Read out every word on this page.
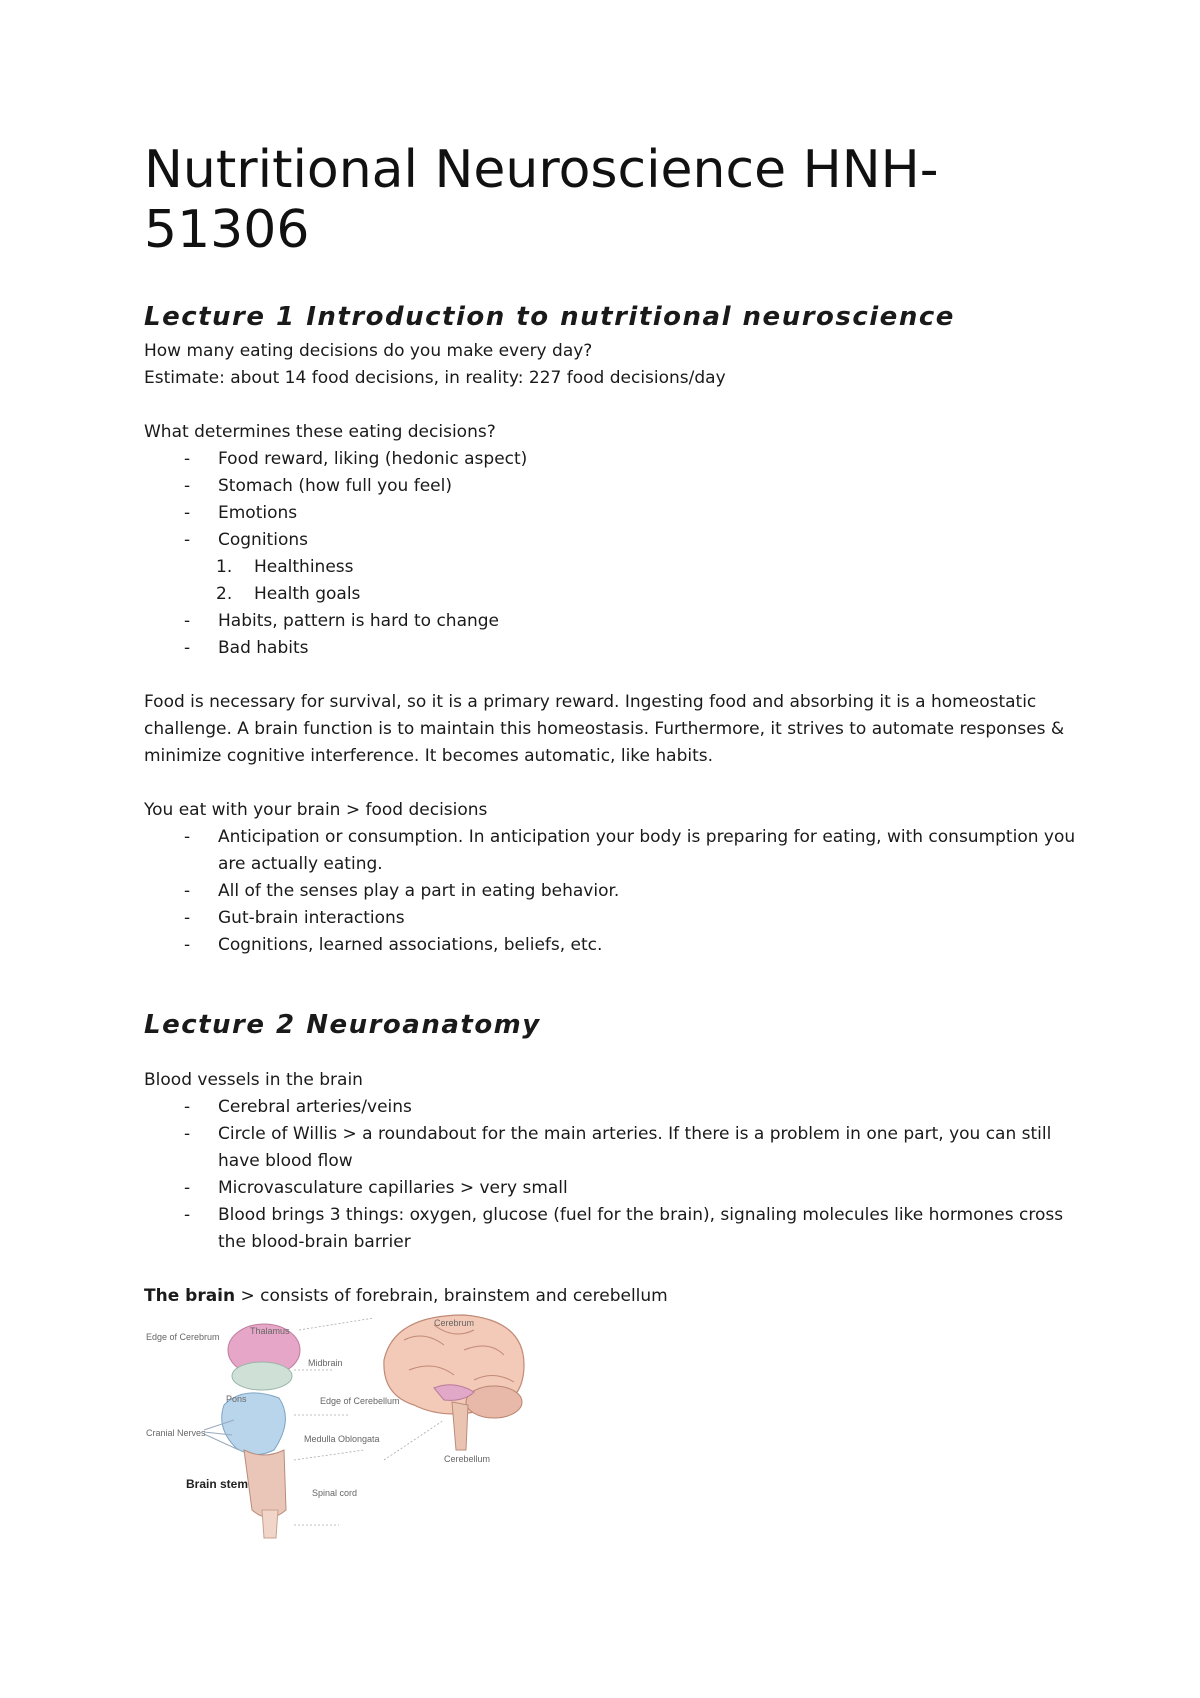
Nutritional Neuroscience HNH-51306
Lecture 1 Introduction to nutritional neuroscience
How many eating decisions do you make every day?
Estimate: about 14 food decisions, in reality: 227 food decisions/day
What determines these eating decisions?
- Food reward, liking (hedonic aspect)
- Stomach (how full you feel)
- Emotions
- Cognitions
1. Healthiness
2. Health goals
- Habits, pattern is hard to change
- Bad habits
Food is necessary for survival, so it is a primary reward. Ingesting food and absorbing it is a homeostatic challenge. A brain function is to maintain this homeostasis. Furthermore, it strives to automate responses & minimize cognitive interference. It becomes automatic, like habits.
You eat with your brain > food decisions
- Anticipation or consumption. In anticipation your body is preparing for eating, with consumption you are actually eating.
- All of the senses play a part in eating behavior.
- Gut-brain interactions
- Cognitions, learned associations, beliefs, etc.
Lecture 2 Neuroanatomy
Blood vessels in the brain
- Cerebral arteries/veins
- Circle of Willis > a roundabout for the main arteries. If there is a problem in one part, you can still have blood flow
- Microvasculature capillaries > very small
- Blood brings 3 things: oxygen, glucose (fuel for the brain), signaling molecules like hormones cross the blood-brain barrier
The brain > consists of forebrain, brainstem and cerebellum
Thalamus
Edge of Cerebrum
Midbrain
Pons	Edge of Cerebellum
Cranial Nerves
Medulla Oblongata
Brain stem
Spinal cord
Cerebrum
Cerebellum
